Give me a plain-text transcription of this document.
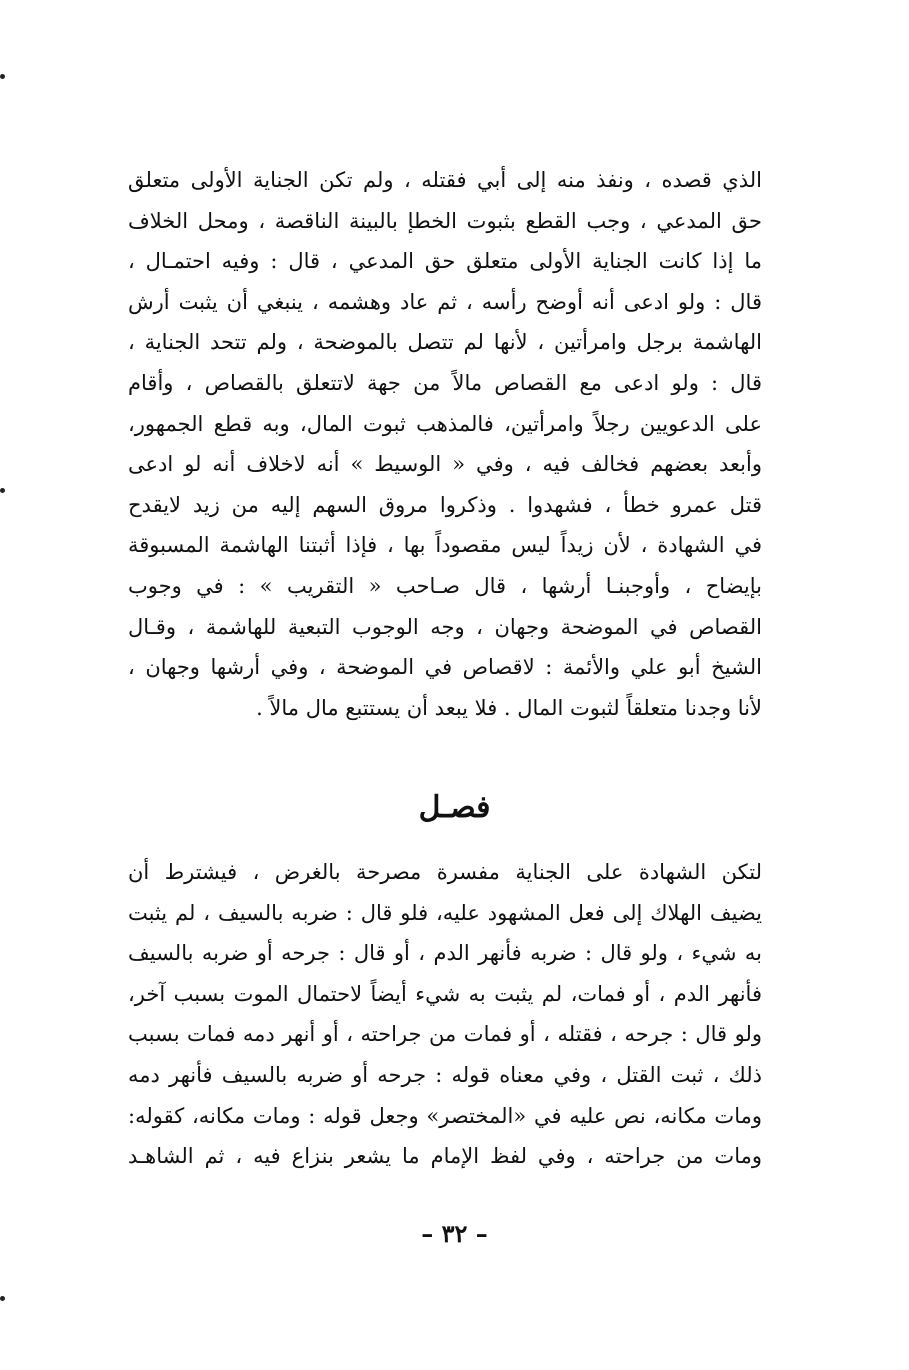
الذي قصده ، ونفذ منه إلى أبي فقتله ، ولم تكن الجناية الأولى متعلق
حق المدعي ، وجب القطع بثبوت الخطإ بالبينة الناقصة ، ومحل الخلاف
ما إذا كانت الجناية الأولى متعلق حق المدعي ، قال : وفيه احتمـال ،
قال : ولو ادعى أنه أوضح رأسه ، ثم عاد وهشمه ، ينبغي أن يثبت أرش
الهاشمة برجل وامرأتين ، لأنها لم تتصل بالموضحة ، ولم تتحد الجناية ،
قال : ولو ادعى مع القصاص مالاً من جهة لاتتعلق بالقصاص ، وأقام
على الدعويين رجلاً وامرأتين، فالمذهب ثبوت المال، وبه قطع الجمهور،
وأبعد بعضهم فخالف فيه ، وفي « الوسيط » أنه لاخلاف أنه لو ادعى
قتل عمرو خطأ ، فشهدوا . وذكروا مروق السهم إليه من زيد لايقدح
في الشهادة ، لأن زيداً ليس مقصوداً بها ، فإذا أثبتنا الهاشمة المسبوقة
بإيضاح ، وأوجبنـا أرشها ، قال صـاحب « التقريب » : في وجوب
القصاص في الموضحة وجهان ، وجه الوجوب التبعية للهاشمة ، وقـال
الشيخ أبو علي والأئمة : لاقصاص في الموضحة ، وفي أرشها وجهان ،
لأنا وجدنا متعلقاً لثبوت المال . فلا يبعد أن يستتبع مال مالاً .
فصـل
لتكن الشهادة على الجناية مفسرة مصرحة بالغرض ، فيشترط أن
يضيف الهلاك إلى فعل المشهود عليه، فلو قال : ضربه بالسيف ، لم يثبت
به شيء ، ولو قال : ضربه فأنهر الدم ، أو قال : جرحه أو ضربه بالسيف
فأنهر الدم ، أو فمات، لم يثبت به شيء أيضاً لاحتمال الموت بسبب آخر،
ولو قال : جرحه ، فقتله ، أو فمات من جراحته ، أو أنهر دمه فمات بسبب
ذلك ، ثبت القتل ، وفي معناه قوله : جرحه أو ضربه بالسيف فأنهر دمه
ومات مكانه، نص عليه في «المختصر» وجعل قوله : ومات مكانه، كقوله:
ومات من جراحته ، وفي لفظ الإمام ما يشعر بنزاع فيه ، ثم الشاهـد
– ٣٢ –
